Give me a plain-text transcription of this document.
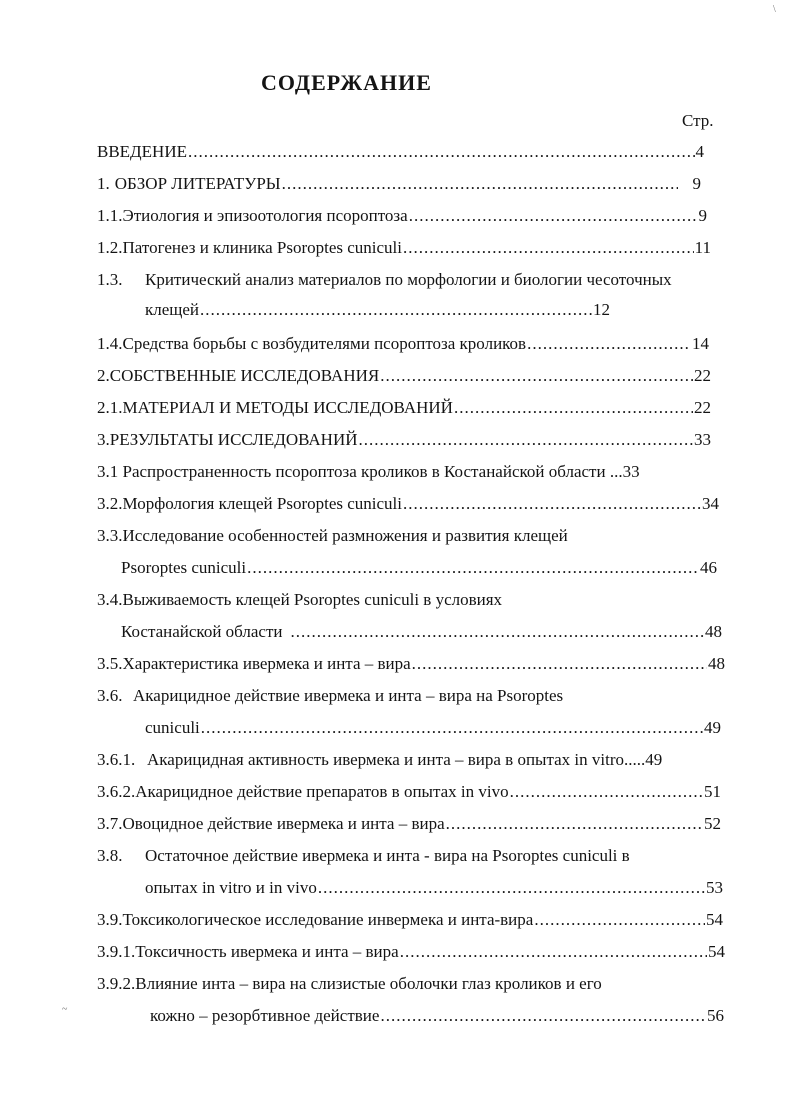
СОДЕРЖАНИЕ
Стр.
ВВЕДЕНИЕ .....	4
1. ОБЗОР ЛИТЕРАТУРЫ .....	9
1.1. Этиология и эпизоотология псороптоза .....	9
1.2. Патогенез и клиника Psoroptes cuniculi .....	11
1.3. Критический анализ материалов по морфологии и биологии чесоточных
клещей .....	12
1.4. Средства борьбы с возбудителями псороптоза кроликов .....	14
2. СОБСТВЕННЫЕ ИССЛЕДОВАНИЯ .....	22
2.1. МАТЕРИАЛ И МЕТОДЫ ИССЛЕДОВАНИЙ .....	22
3. РЕЗУЛЬТАТЫ ИССЛЕДОВАНИЙ .....	33
3.1 Распространенность псороптоза кроликов в Костанайской области ...33
3.2. Морфология клещей Psoroptes cuniculi .....	34
3.3.Исследование особенностей размножения и развития клещей
Psoroptes cuniculi .....	46
3.4.Выживаемость клещей Psoroptes cuniculi в условиях
Костанайской области .....	48
3.5. Характеристика ивермека и инта – вира .....	48
3.6. Акарицидное действие ивермека и инта – вира на Psoroptes
cuniculi .....	49
3.6.1. Акарицидная активность ивермека и инта – вира в опытах in vitro.....49
3.6.2. Акарицидное действие препаратов в опытах in vivo .....	51
3.7. Овоцидное действие ивермека и инта – вира .....	52
3.8. Остаточное действие ивермека и инта - вира на Psoroptes cuniculi в
опытах in vitro и in vivo .....	53
3.9. Токсикологическое исследование инвермека и инта-вира .....	54
3.9.1. Токсичность ивермека и инта – вира .....	54
3.9.2.Влияние инта – вира на слизистые оболочки глаз кроликов и его
кожно – резорбтивное действие .....	56
\
~
